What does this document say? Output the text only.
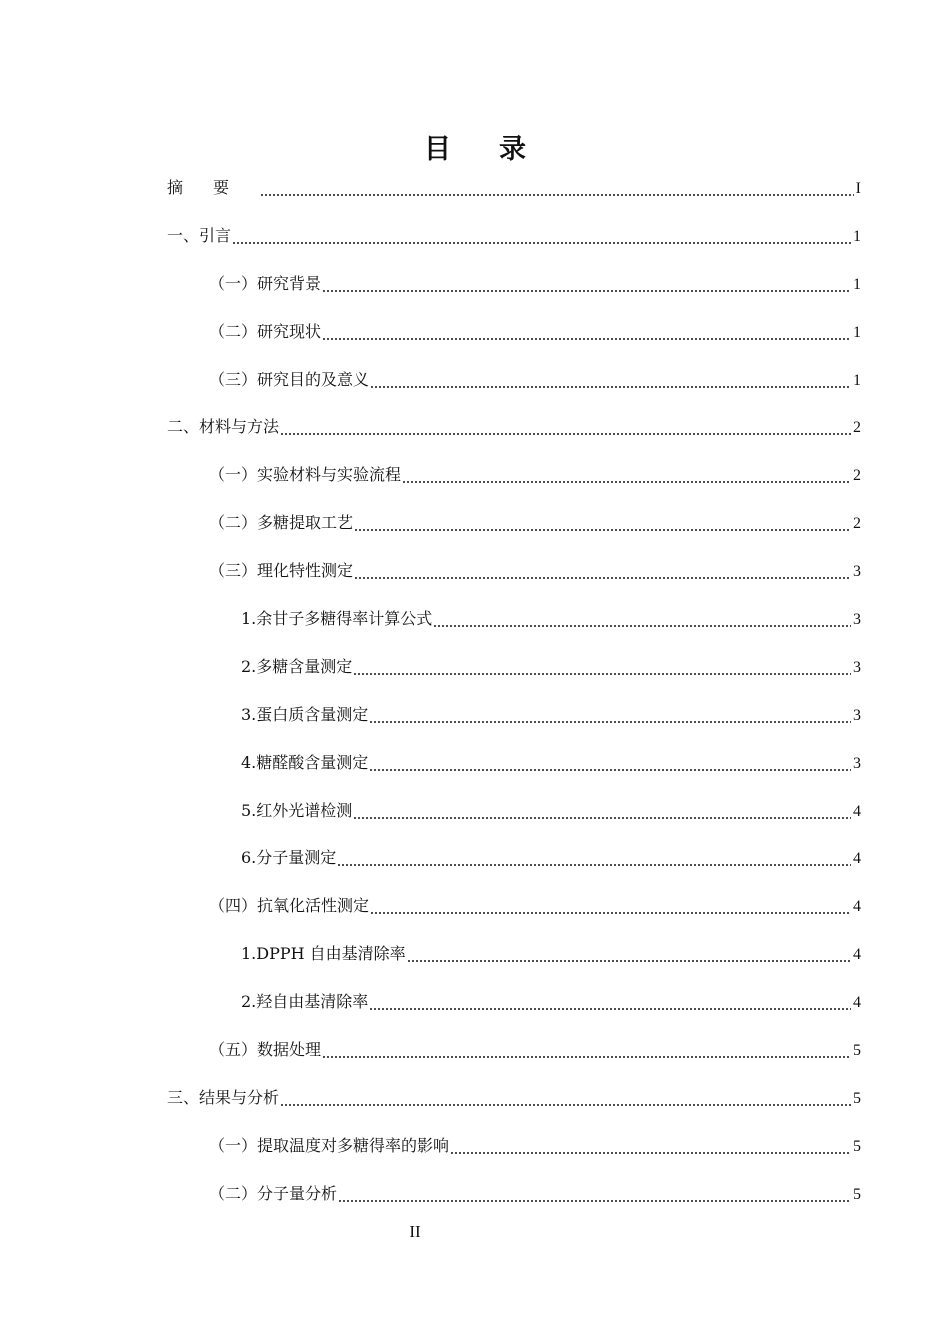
目录
摘要	I
一、引言	1
（一）研究背景	1
（二）研究现状	1
（三）研究目的及意义	1
二、材料与方法	2
（一）实验材料与实验流程	2
（二）多糖提取工艺	2
（三）理化特性测定	3
1.余甘子多糖得率计算公式	3
2.多糖含量测定	3
3.蛋白质含量测定	3
4.糖醛酸含量测定	3
5.红外光谱检测	4
6.分子量测定	4
（四）抗氧化活性测定	4
1.DPPH 自由基清除率	4
2.羟自由基清除率	4
（五）数据处理	5
三、结果与分析	5
（一）提取温度对多糖得率的影响	5
（二）分子量分析	5
II
